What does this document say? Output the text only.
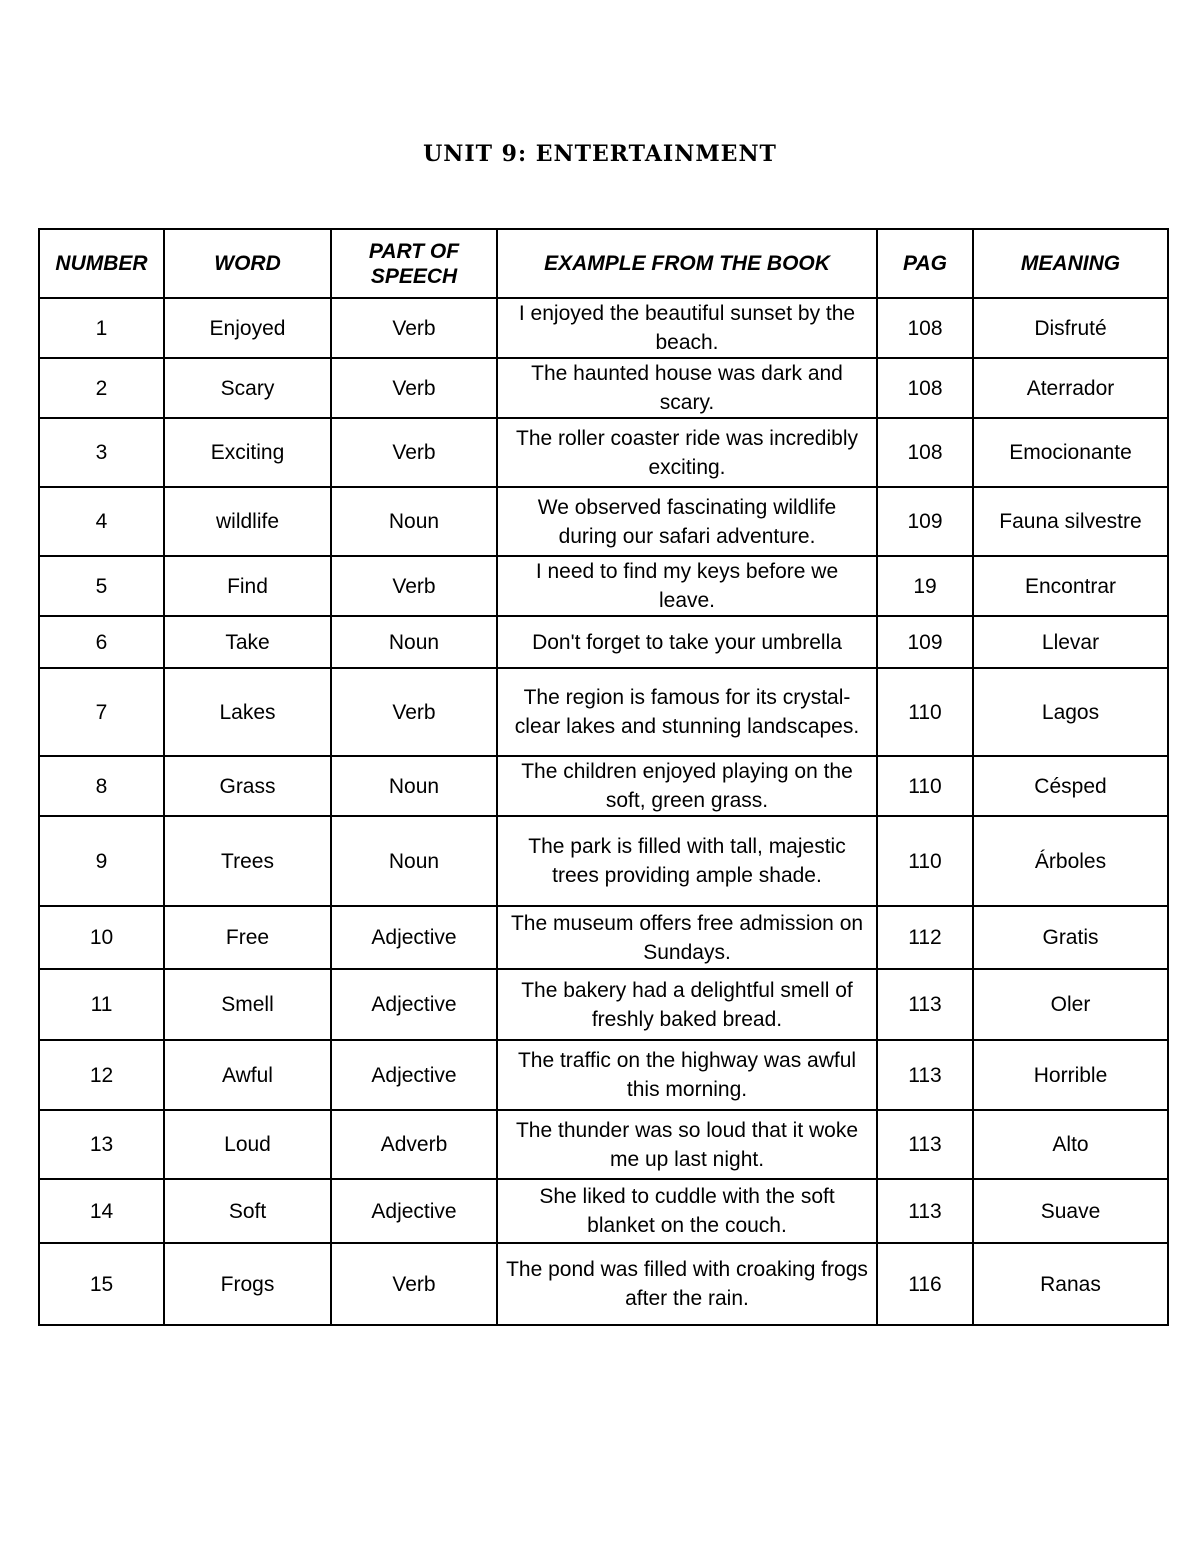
UNIT 9: ENTERTAINMENT
NUMBER	WORD	PART OF SPEECH	EXAMPLE FROM THE BOOK	PAG	MEANING
1	Enjoyed	Verb	I enjoyed the beautiful sunset by the beach.	108	Disfruté
2	Scary	Verb	The haunted house was dark and scary.	108	Aterrador
3	Exciting	Verb	The roller coaster ride was incredibly exciting.	108	Emocionante
4	wildlife	Noun	We observed fascinating wildlife during our safari adventure.	109	Fauna silvestre
5	Find	Verb	I need to find my keys before we leave.	19	Encontrar
6	Take	Noun	Don't forget to take your umbrella	109	Llevar
7	Lakes	Verb	The region is famous for its crystal-clear lakes and stunning landscapes.	110	Lagos
8	Grass	Noun	The children enjoyed playing on the soft, green grass.	110	Césped
9	Trees	Noun	The park is filled with tall, majestic trees providing ample shade.	110	Árboles
10	Free	Adjective	The museum offers free admission on Sundays.	112	Gratis
11	Smell	Adjective	The bakery had a delightful smell of freshly baked bread.	113	Oler
12	Awful	Adjective	The traffic on the highway was awful this morning.	113	Horrible
13	Loud	Adverb	The thunder was so loud that it woke me up last night.	113	Alto
14	Soft	Adjective	She liked to cuddle with the soft blanket on the couch.	113	Suave
15	Frogs	Verb	The pond was filled with croaking frogs after the rain.	116	Ranas
